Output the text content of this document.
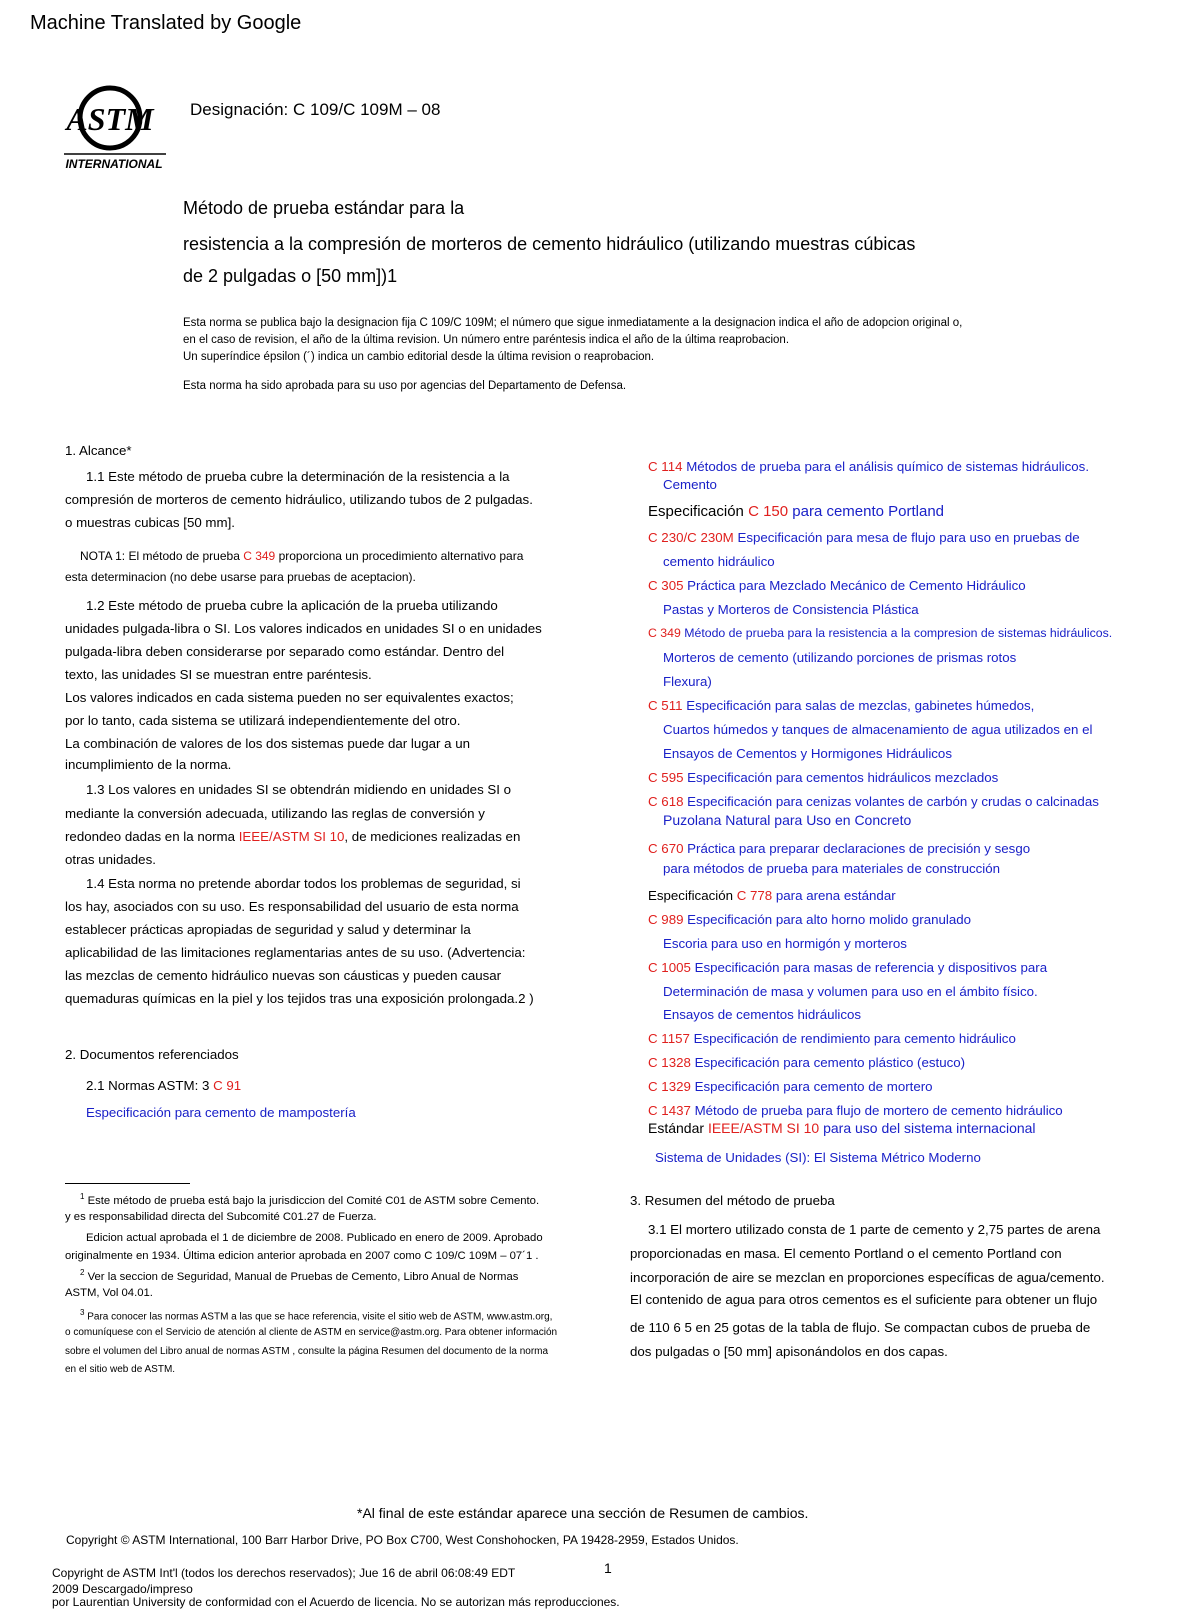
Machine Translated by Google
ASTM
INTERNATIONAL
Designación: C 109/C 109M – 08
Método de prueba estándar para la
resistencia a la compresión de morteros de cemento hidráulico (utilizando muestras cúbicas
de 2 pulgadas o [50 mm])1
Esta norma se publica bajo la designacion fija C 109/C 109M; el número que sigue inmediatamente a la designacion indica el año de adopcion original o,
en el caso de revision, el año de la última revision. Un número entre paréntesis indica el año de la última reaprobacion.
Un superíndice épsilon (´) indica un cambio editorial desde la última revision o reaprobacion.
Esta norma ha sido aprobada para su uso por agencias del Departamento de Defensa.
1. Alcance*
1.1 Este método de prueba cubre la determinación de la resistencia a la
compresión de morteros de cemento hidráulico, utilizando tubos de 2 pulgadas.
o muestras cubicas [50 mm].
NOTA 1: El método de prueba C 349 proporciona un procedimiento alternativo para
esta determinacion (no debe usarse para pruebas de aceptacion).
1.2 Este método de prueba cubre la aplicación de la prueba utilizando
unidades pulgada-libra o SI. Los valores indicados en unidades SI o en unidades
pulgada-libra deben considerarse por separado como estándar. Dentro del
texto, las unidades SI se muestran entre paréntesis.
Los valores indicados en cada sistema pueden no ser equivalentes exactos;
por lo tanto, cada sistema se utilizará independientemente del otro.
La combinación de valores de los dos sistemas puede dar lugar a un
incumplimiento de la norma.
1.3 Los valores en unidades SI se obtendrán midiendo en unidades SI o
mediante la conversión adecuada, utilizando las reglas de conversión y
redondeo dadas en la norma IEEE/ASTM SI 10, de mediciones realizadas en
otras unidades.
1.4 Esta norma no pretende abordar todos los problemas de seguridad, si
los hay, asociados con su uso. Es responsabilidad del usuario de esta norma
establecer prácticas apropiadas de seguridad y salud y determinar la
aplicabilidad de las limitaciones reglamentarias antes de su uso. (Advertencia:
las mezclas de cemento hidráulico nuevas son cáusticas y pueden causar
quemaduras químicas en la piel y los tejidos tras una exposición prolongada.2 )
2. Documentos referenciados
2.1 Normas ASTM: 3 C 91
Especificación para cemento de mampostería
$^1$ Este método de prueba está bajo la jurisdiccion del Comité C01 de ASTM sobre Cemento.
y es responsabilidad directa del Subcomité C01.27 de Fuerza.
Edicion actual aprobada el 1 de diciembre de 2008. Publicado en enero de 2009. Aprobado
originalmente en 1934. Última edicion anterior aprobada en 2007 como C 109/C 109M – 07´1 .
$^2$ Ver la seccion de Seguridad, Manual de Pruebas de Cemento, Libro Anual de Normas
ASTM, Vol 04.01.
$^3$ Para conocer las normas ASTM a las que se hace referencia, visite el sitio web de ASTM, www.astm.org,
o comuníquese con el Servicio de atención al cliente de ASTM en service@astm.org. Para obtener información
sobre el volumen del Libro anual de normas ASTM , consulte la página Resumen del documento de la norma
en el sitio web de ASTM.
C 114 Métodos de prueba para el análisis químico de sistemas hidráulicos.
Cemento
Especificación C 150 para cemento Portland
C 230/C 230M Especificación para mesa de flujo para uso en pruebas de
cemento hidráulico
C 305 Práctica para Mezclado Mecánico de Cemento Hidráulico
Pastas y Morteros de Consistencia Plástica
C 349 Método de prueba para la resistencia a la compresion de sistemas hidráulicos.
Morteros de cemento (utilizando porciones de prismas rotos
Flexura)
C 511 Especificación para salas de mezclas, gabinetes húmedos,
Cuartos húmedos y tanques de almacenamiento de agua utilizados en el
Ensayos de Cementos y Hormigones Hidráulicos
C 595 Especificación para cementos hidráulicos mezclados
C 618 Especificación para cenizas volantes de carbón y crudas o calcinadas
Puzolana Natural para Uso en Concreto
C 670 Práctica para preparar declaraciones de precisión y sesgo
para métodos de prueba para materiales de construcción
Especificación C 778 para arena estándar
C 989 Especificación para alto horno molido granulado
Escoria para uso en hormigón y morteros
C 1005 Especificación para masas de referencia y dispositivos para
Determinación de masa y volumen para uso en el ámbito físico.
Ensayos de cementos hidráulicos
C 1157 Especificación de rendimiento para cemento hidráulico
C 1328 Especificación para cemento plástico (estuco)
C 1329 Especificación para cemento de mortero
C 1437 Método de prueba para flujo de mortero de cemento hidráulico
Estándar IEEE/ASTM SI 10 para uso del sistema internacional
Sistema de Unidades (SI): El Sistema Métrico Moderno
3. Resumen del método de prueba
3.1 El mortero utilizado consta de 1 parte de cemento y 2,75 partes de arena
proporcionadas en masa. El cemento Portland o el cemento Portland con
incorporación de aire se mezclan en proporciones específicas de agua/cemento.
El contenido de agua para otros cementos es el suficiente para obtener un flujo
de 110 6 5 en 25 gotas de la tabla de flujo. Se compactan cubos de prueba de
dos pulgadas o [50 mm] apisonándolos en dos capas.
*Al final de este estándar aparece una sección de Resumen de cambios.
Copyright © ASTM International, 100 Barr Harbor Drive, PO Box C700, West Conshohocken, PA 19428-2959, Estados Unidos.
1
Copyright de ASTM Int'l (todos los derechos reservados); Jue 16 de abril 06:08:49 EDT
2009 Descargado/impreso
por Laurentian University de conformidad con el Acuerdo de licencia. No se autorizan más reproducciones.
